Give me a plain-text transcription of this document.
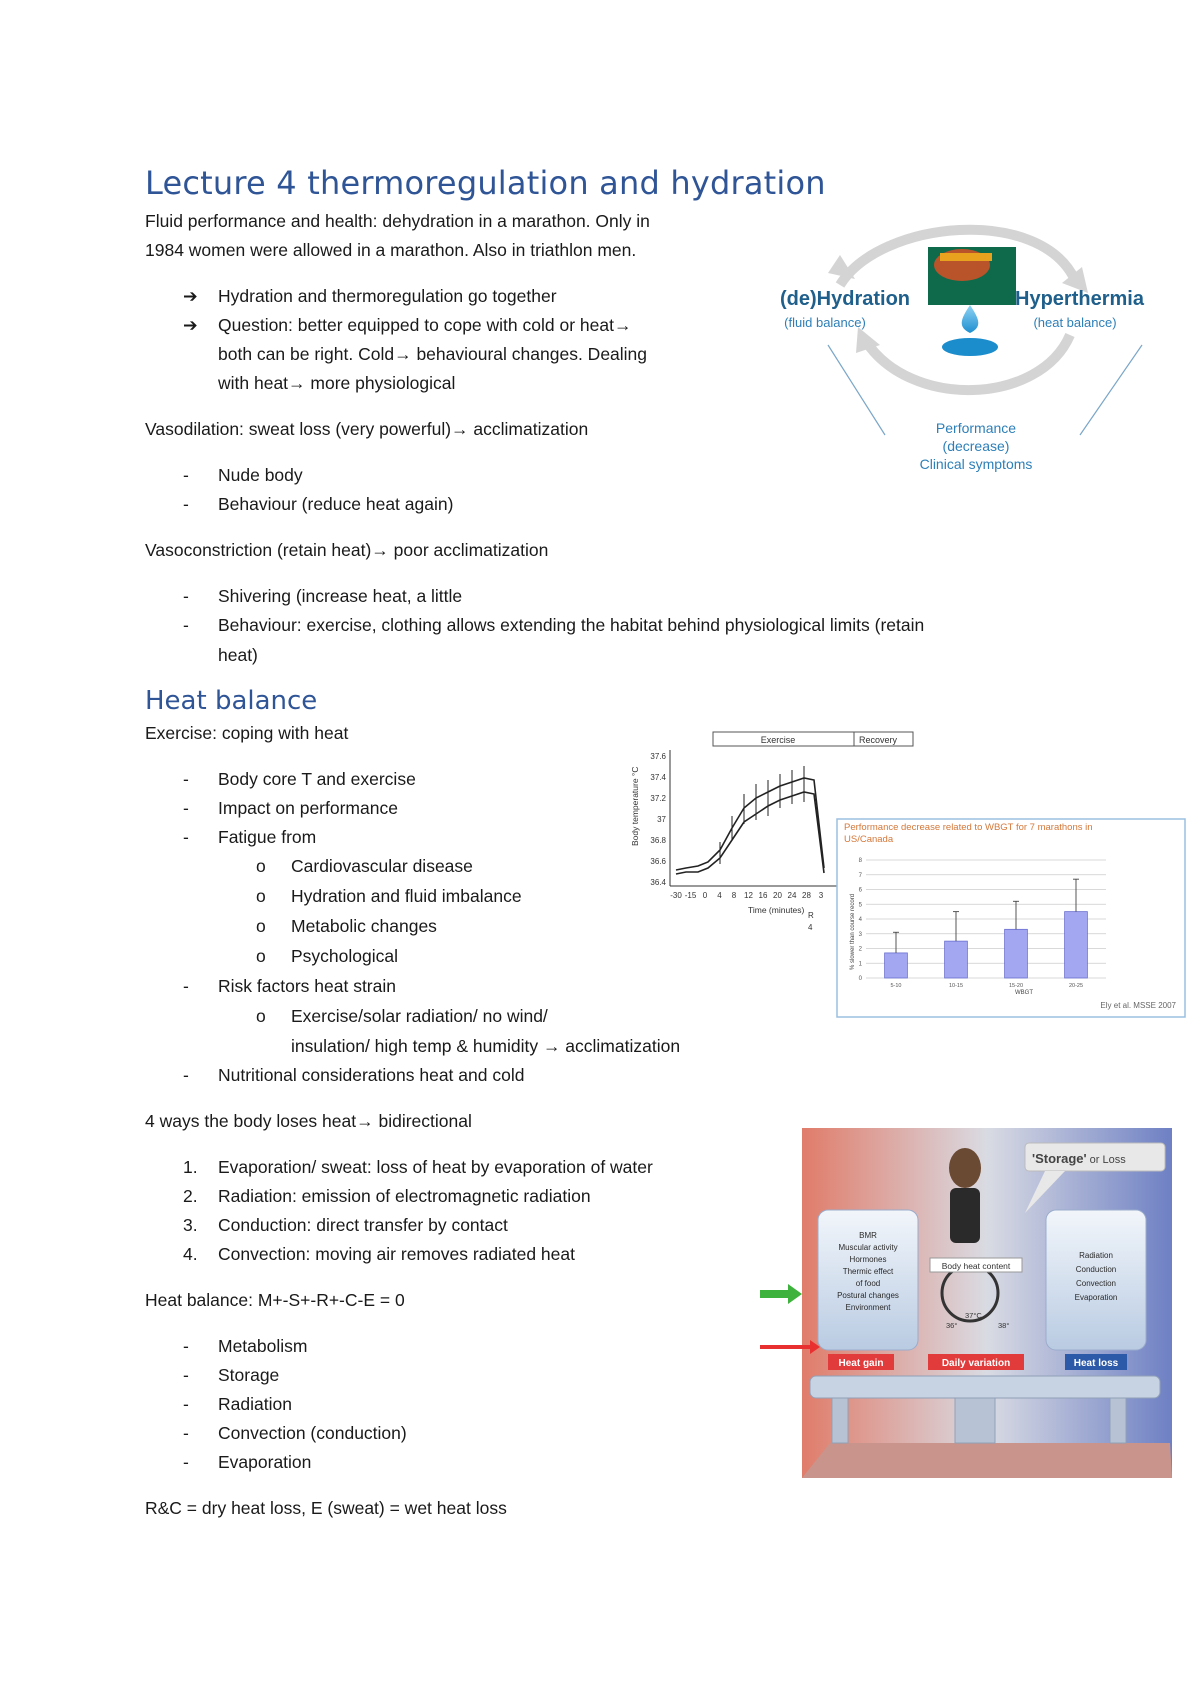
Lecture 4 thermoregulation and hydration
Fluid performance and health: dehydration in a marathon. Only in
1984 women were allowed in a marathon. Also in triathlon men.
➔ Hydration and thermoregulation go together
➔ Question: better equipped to cope with cold or heat→
both can be right. Cold→ behavioural changes. Dealing
with heat→ more physiological
Vasodilation: sweat loss (very powerful)→ acclimatization
- Nude body
- Behaviour (reduce heat again)
Vasoconstriction (retain heat)→ poor acclimatization
- Shivering (increase heat, a little
- Behaviour: exercise, clothing allows extending the habitat behind physiological limits (retain
heat)
Heat balance
Exercise: coping with heat
- Body core T and exercise
- Impact on performance
- Fatigue from
o Cardiovascular disease
o Hydration and fluid imbalance
o Metabolic changes
o Psychological
- Risk factors heat strain
o Exercise/solar radiation/ no wind/
insulation/ high temp & humidity → acclimatization
- Nutritional considerations heat and cold
4 ways the body loses heat→ bidirectional
1. Evaporation/ sweat: loss of heat by evaporation of water
2. Radiation: emission of electromagnetic radiation
3. Conduction: direct transfer by contact
4. Convection: moving air removes radiated heat
Heat balance: M+-S+-R+-C-E = 0
- Metabolism
- Storage
- Radiation
- Convection (conduction)
- Evaporation
R&C = dry heat loss, E (sweat) = wet heat loss
(de)Hydration
(fluid balance)
Hyperthermia
(heat balance)
Performance
(decrease)
Clinical symptoms
Exercise	Recovery
Body temperature °C
Time (minutes)
37.6
37.4
37.2
37
36.8
36.6
36.4
-30 -15 0 4 8 12 16 20 24 28 3
R
4
Performance decrease related to WBGT for 7 marathons in US/Canada
% slower than course record
WBGT
Ely et al. MSSE 2007
8
7
6
5
4
3
2
1
0
5-10	10-15	15-20	20-25
'Storage' or Loss
BMR
Muscular activity
Hormones
Thermic effect
of food
Postural changes
Environment
Radiation
Conduction
Convection
Evaporation
Body heat content
36°
37°C
38°
Heat gain	Daily variation	Heat loss
